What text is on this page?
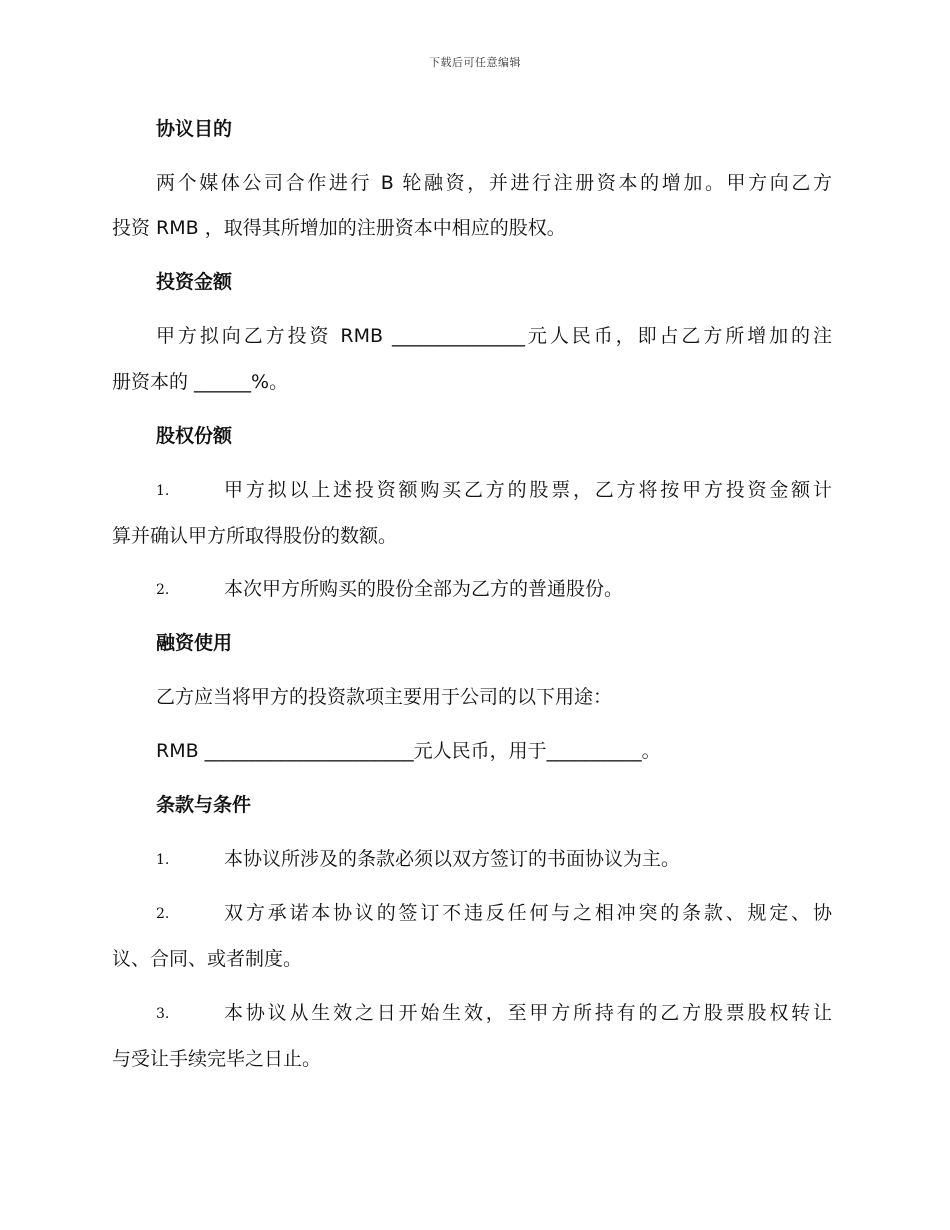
下载后可任意编辑
协议目的
两个媒体公司合作进行 B 轮融资，并进行注册资本的增加。甲方向乙方
投资 RMB ，取得其所增加的注册资本中相应的股权。
投资金额
甲方拟向乙方投资 RMB ______________元人民币，即占乙方所增加的注
册资本的 ______%。
股权份额
1.	甲方拟以上述投资额购买乙方的股票，乙方将按甲方投资金额计
算并确认甲方所取得股份的数额。
2.	本次甲方所购买的股份全部为乙方的普通股份。
融资使用
乙方应当将甲方的投资款项主要用于公司的以下用途：
RMB ______________________元人民币，用于__________。
条款与条件
1.	本协议所涉及的条款必须以双方签订的书面协议为主。
2.	双方承诺本协议的签订不违反任何与之相冲突的条款、规定、协
议、合同、或者制度。
3.	本协议从生效之日开始生效，至甲方所持有的乙方股票股权转让
与受让手续完毕之日止。
